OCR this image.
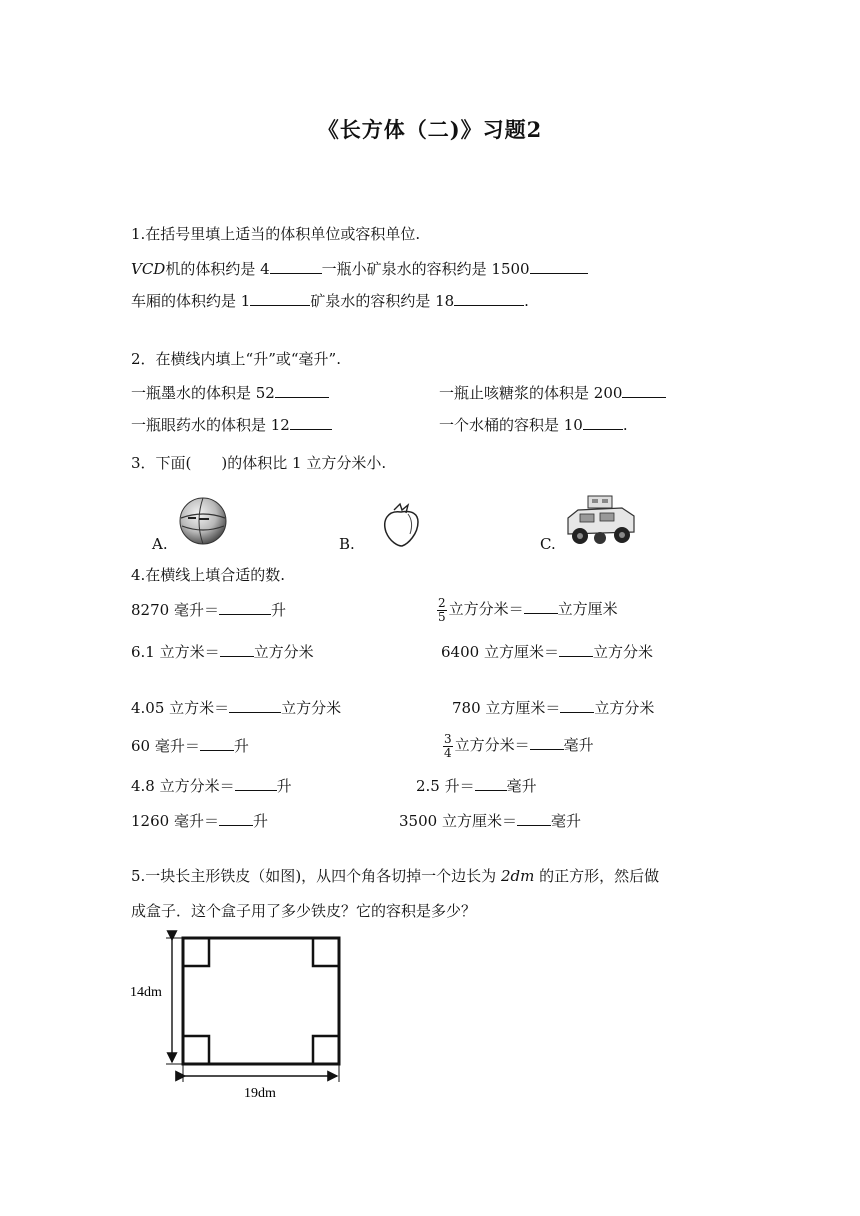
《长方体（二)》习题2
1.在括号里填上适当的体积单位或容积单位.
VCD机的体积约是 4	一瓶小矿泉水的容积约是 1500
车厢的体积约是 1	矿泉水的容积约是 18	.
2．在横线内填上“升”或“毫升”.
一瓶墨水的体积是 52	一瓶止咳糖浆的体积是 200
一瓶眼药水的体积是 12	一个水桶的容积是 10	.
3．下面(　　)的体积比 1 立方分米小.
A.	B.	C.
4.在横线上填合适的数.
8270 毫升＝	升	$\frac{2}{5}$ 立方分米＝ 立方厘米
6.1 立方米＝ 立方分米	6400 立方厘米＝ 立方分米
4.05 立方米＝	立方分米	780 立方厘米＝ 立方分米
60 毫升＝ 升	$\frac{3}{4}$ 立方分米＝ 毫升
4.8 立方分米＝	升	2.5 升＝ 毫升
1260 毫升＝ 升	3500 立方厘米＝ 毫升
5.一块长主形铁皮（如图)，从四个角各切掉一个边长为 2dm 的正方形，然后做
成盒子．这个盒子用了多少铁皮？它的容积是多少？
14dm
19dm
